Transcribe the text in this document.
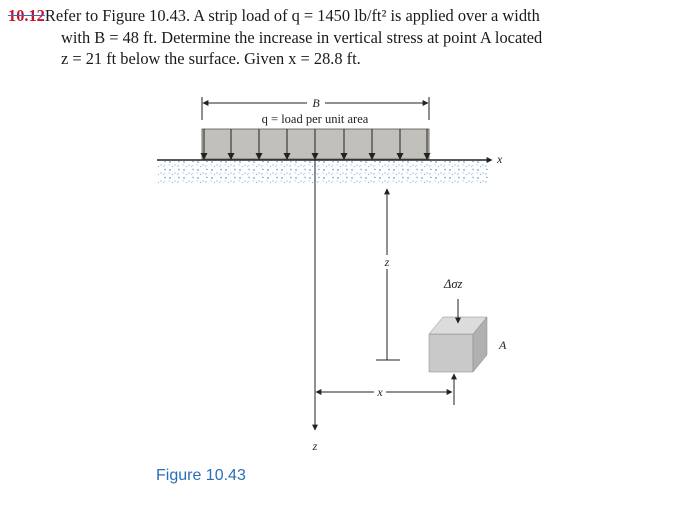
10.12Refer to Figure 10.43. A strip load of q = 1450 lb/ft² is applied over a width
with B = 48 ft. Determine the increase in vertical stress at point A located
z = 21 ft below the surface. Given x = 28.8 ft.
B
q = load per unit area
x
z
z
x
Δσz
A
Figure 10.43
